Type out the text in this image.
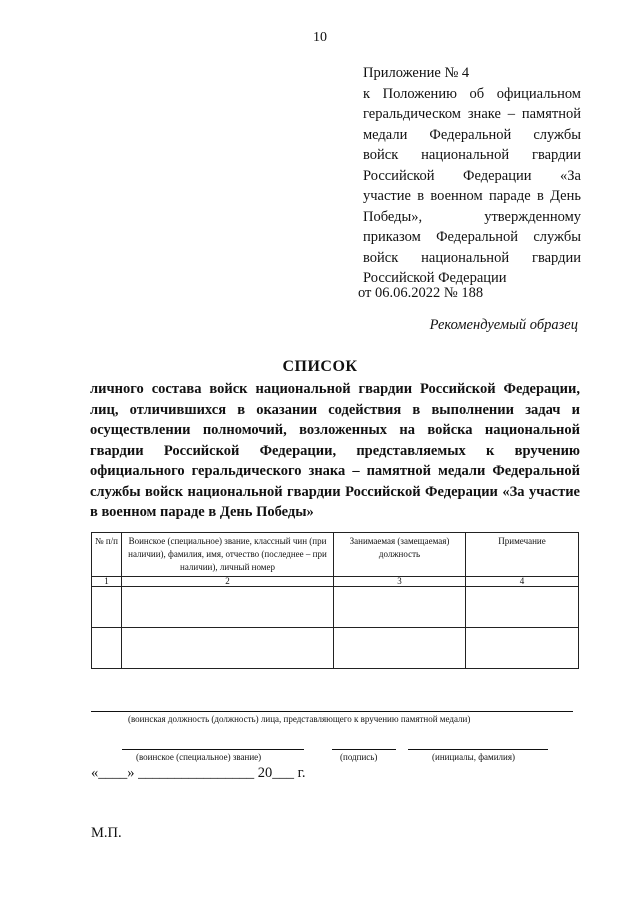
10
Приложение № 4
к Положению об официальном геральдическом знаке – памятной медали Федеральной службы войск национальной гвардии Российской Федерации «За участие в военном параде в День Победы», утвержденному приказом Федеральной службы войск национальной гвардии Российской Федерации
от 06.06.2022 № 188
Рекомендуемый образец
СПИСОК
личного состава войск национальной гвардии Российской Федерации, лиц, отличившихся в оказании содействия в выполнении задач и осуществлении полномочий, возложенных на войска национальной гвардии Российской Федерации, представляемых к вручению официального геральдического знака – памятной медали Федеральной службы войск национальной гвардии Российской Федерации «За участие в военном параде в День Победы»
№ п/п	Воинское (специальное) звание, классный чин (при наличии), фамилия, имя, отчество (последнее – при наличии), личный номер	Занимаемая (замещаемая) должность	Примечание
1	2	3	4

(воинская должность (должность) лица, представляющего к вручению памятной медали)
(воинское (специальное) звание)	(подпись)	(инициалы, фамилия)
«____» ________________ 20___ г.
М.П.
